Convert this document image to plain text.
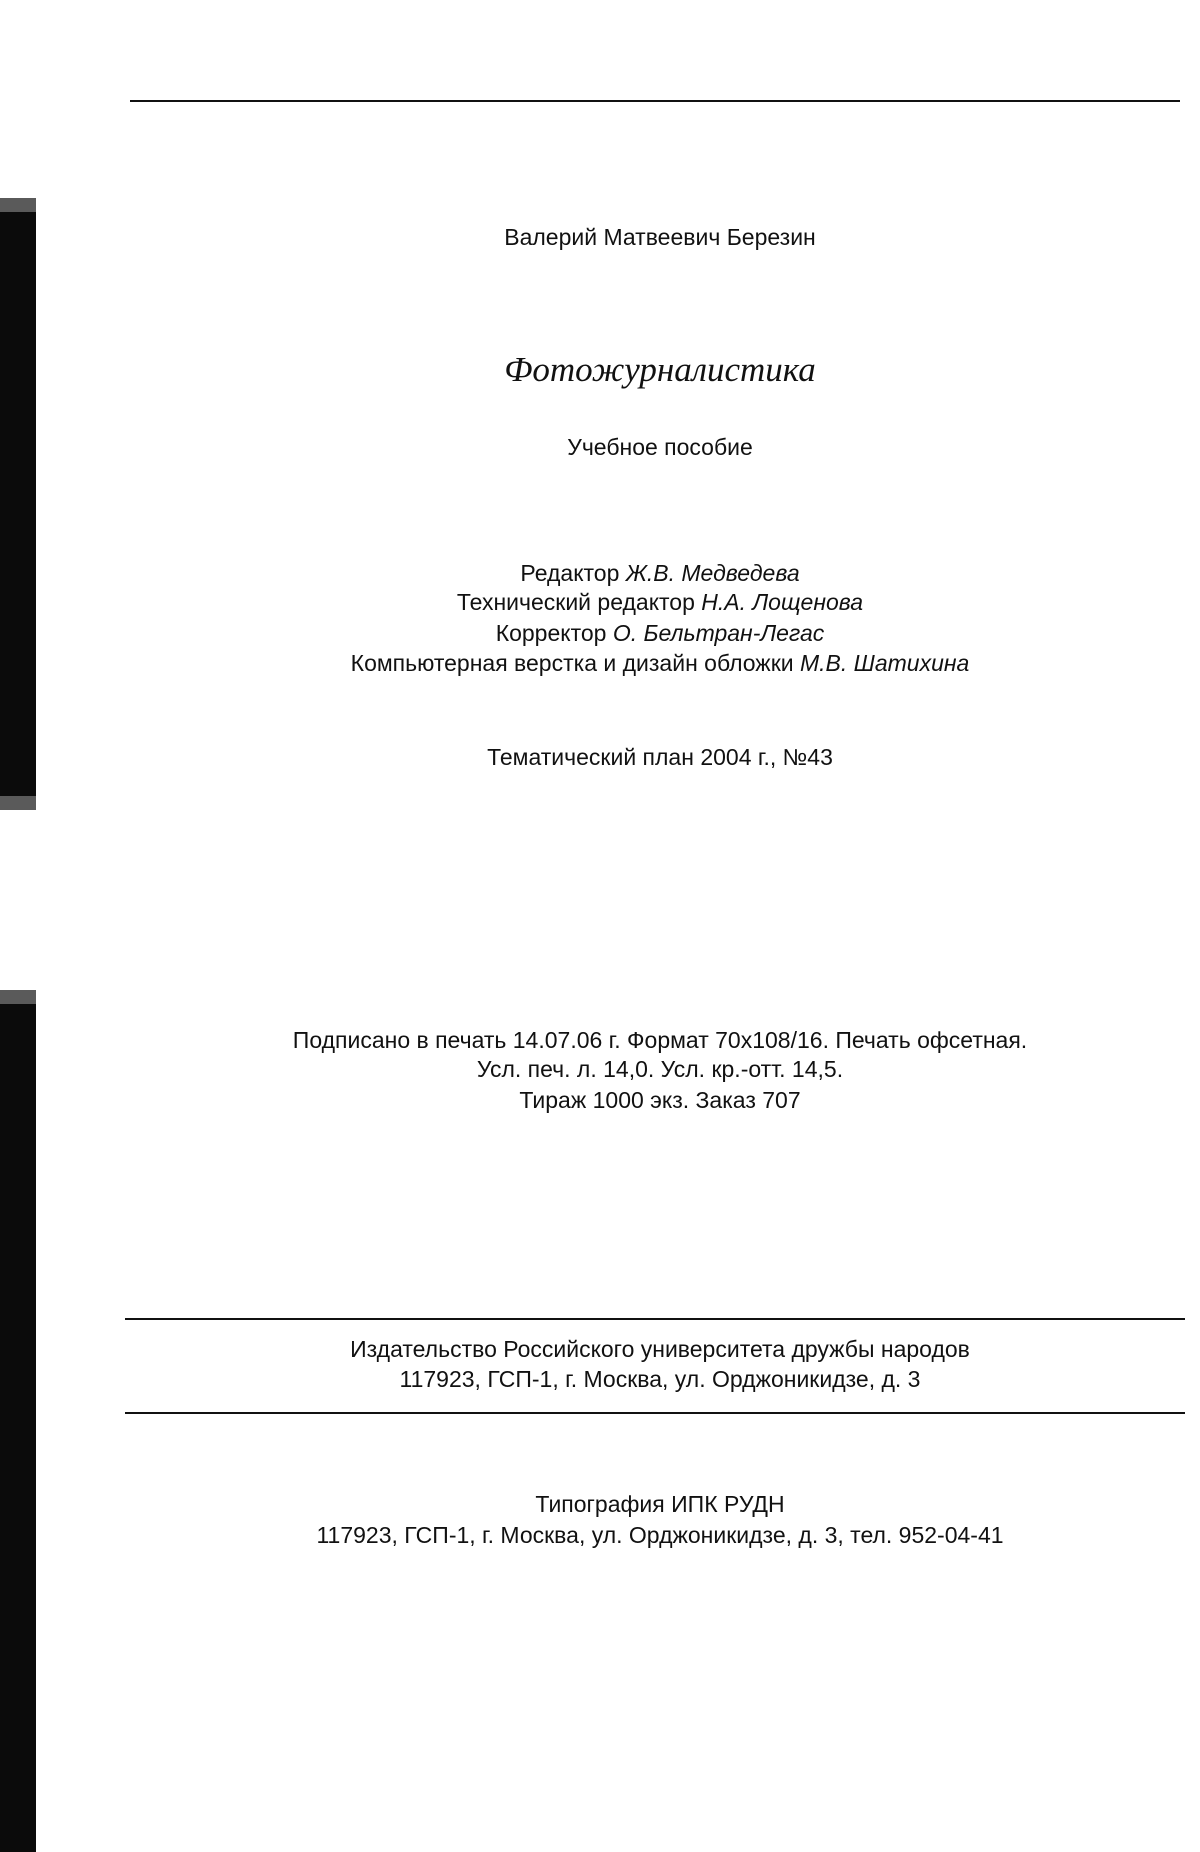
Валерий Матвеевич Березин
Фотожурналистика
Учебное пособие
Редактор Ж.В. Медведева
Технический редактор Н.А. Лощенова
Корректор О. Бельтран-Легас
Компьютерная верстка и дизайн обложки М.В. Шатихина
Тематический план 2004 г., №43
Подписано в печать 14.07.06 г. Формат 70x108/16. Печать офсетная.
Усл. печ. л. 14,0. Усл. кр.-отт. 14,5.
Тираж 1000 экз. Заказ 707
Издательство Российского университета дружбы народов
117923, ГСП-1, г. Москва, ул. Орджоникидзе, д. 3
Типография ИПК РУДН
117923, ГСП-1, г. Москва, ул. Орджоникидзе, д. 3, тел. 952-04-41
